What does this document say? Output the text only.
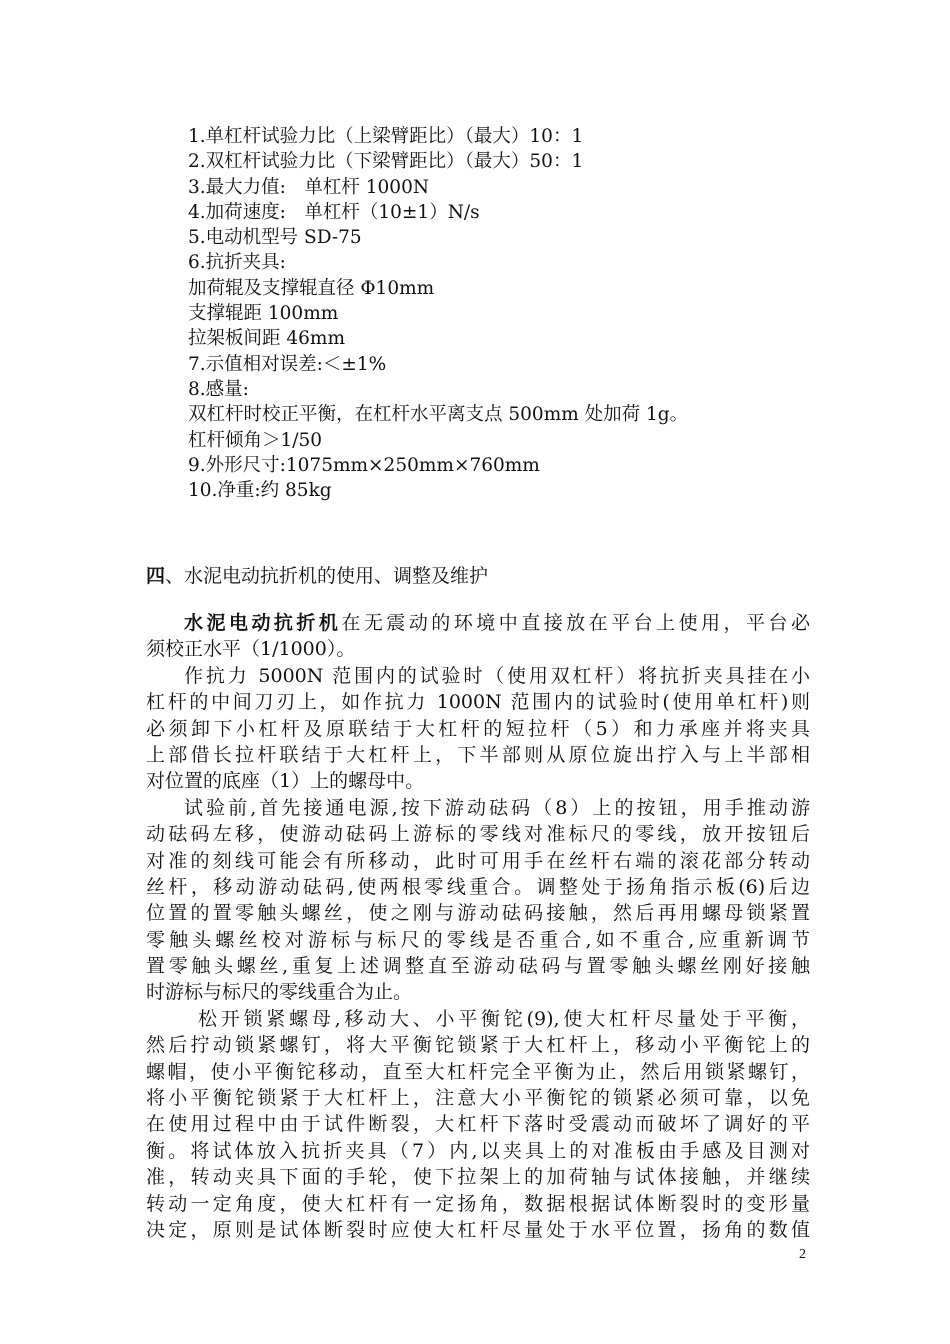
1.单杠杆试验力比（上梁臂距比）（最大）10：1
2.双杠杆试验力比（下梁臂距比）（最大）50：1
3.最大力值:　单杠杆 1000N
4.加荷速度:　单杠杆（10±1）N/s
5.电动机型号 SD-75
6.抗折夹具:
加荷辊及支撑辊直径 Φ10mm
支撑辊距 100mm
拉架板间距 46mm
7.示值相对误差:＜±1%
8.感量:
双杠杆时校正平衡，在杠杆水平离支点 500mm 处加荷 1g。
杠杆倾角＞1/50
9.外形尺寸:1075mm×250mm×760mm
10.净重:约 85kg
四、水泥电动抗折机的使用、调整及维护
水泥电动抗折机在无震动的环境中直接放在平台上使用，平台必
须校正水平（1/1000）。
作抗力 5000N 范围内的试验时（使用双杠杆）将抗折夹具挂在小
杠杆的中间刀刃上，如作抗力 1000N 范围内的试验时(使用单杠杆)则
必须卸下小杠杆及原联结于大杠杆的短拉杆（5）和力承座并将夹具
上部借长拉杆联结于大杠杆上，下半部则从原位旋出拧入与上半部相
对位置的底座（1）上的螺母中。
试验前,首先接通电源,按下游动砝码（8）上的按钮，用手推动游
动砝码左移，使游动砝码上游标的零线对准标尺的零线，放开按钮后
对准的刻线可能会有所移动，此时可用手在丝杆右端的滚花部分转动
丝杆，移动游动砝码,使两根零线重合。调整处于扬角指示板(6)后边
位置的置零触头螺丝，使之刚与游动砝码接触，然后再用螺母锁紧置
零触头螺丝校对游标与标尺的零线是否重合,如不重合,应重新调节
置零触头螺丝,重复上述调整直至游动砝码与置零触头螺丝刚好接触
时游标与标尺的零线重合为止。
松开锁紧螺母,移动大、小平衡铊(9),使大杠杆尽量处于平衡，
然后拧动锁紧螺钉，将大平衡铊锁紧于大杠杆上，移动小平衡铊上的
螺帽，使小平衡铊移动，直至大杠杆完全平衡为止，然后用锁紧螺钉，
将小平衡铊锁紧于大杠杆上，注意大小平衡铊的锁紧必须可靠，以免
在使用过程中由于试件断裂，大杠杆下落时受震动而破坏了调好的平
衡。将试体放入抗折夹具（7）内,以夹具上的对准板由手感及目测对
准，转动夹具下面的手轮，使下拉架上的加荷轴与试体接触，并继续
转动一定角度，使大杠杆有一定扬角，数据根据试体断裂时的变形量
决定，原则是试体断裂时应使大杠杆尽量处于水平位置，扬角的数值
2
